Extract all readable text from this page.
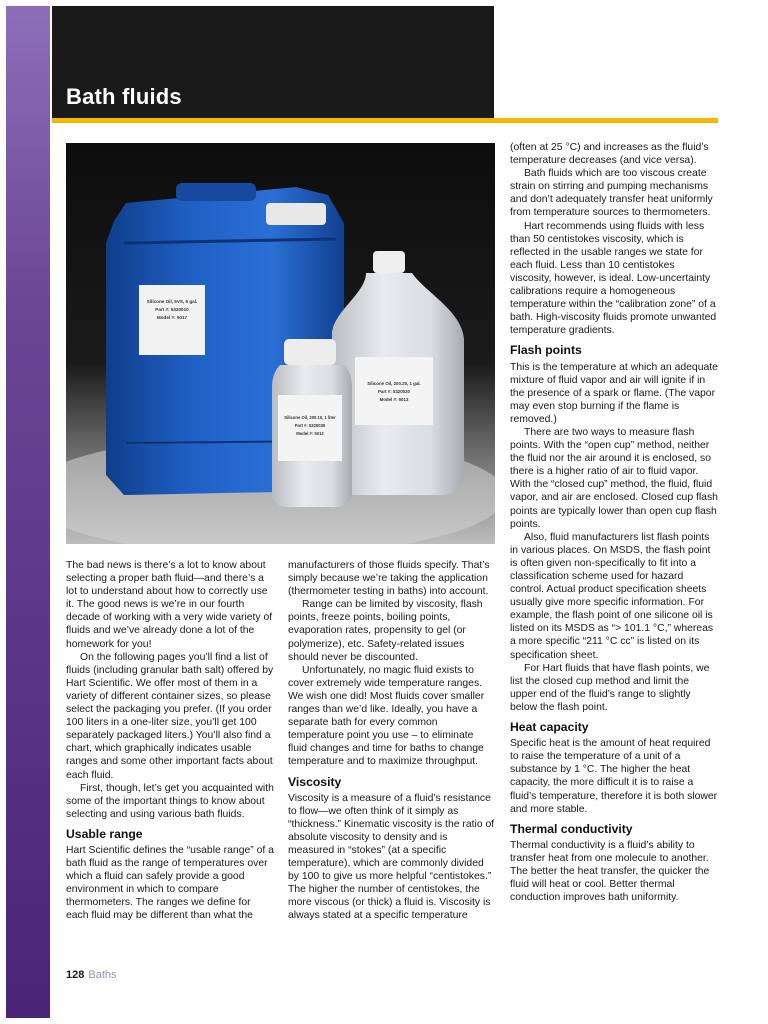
Bath fluids
Silicone Oil, 5VS, 5 gal.
Part #: 5320010
Model #: 5017
Silicone Oil, 200.20, 1 gal.
Part #: 5320020
Model #: 5013
Silicone Oil, 200.10, 1 liter
Part #: 5320030
Model #: 5012

The bad news is there’s a lot to know about selecting a proper bath fluid—and there’s a lot to understand about how to correctly use it. The good news is we’re in our fourth decade of working with a very wide variety of fluids and we’ve already done a lot of the homework for you!

On the following pages you’ll find a list of fluids (including granular bath salt) offered by Hart Scientific. We offer most of them in a variety of different container sizes, so please select the packaging you prefer. (If you order 100 liters in a one-liter size, you’ll get 100 separately packaged liters.) You’ll also find a chart, which graphically indicates usable ranges and some other important facts about each fluid.

First, though, let’s get you acquainted with some of the important things to know about selecting and using various bath fluids.

Usable range

Hart Scientific defines the “usable range” of a bath fluid as the range of temperatures over which a fluid can safely provide a good environment in which to compare thermometers. The ranges we define for each fluid may be different than what the

manufacturers of those fluids specify. That’s simply because we’re taking the application (thermometer testing in baths) into account.

Range can be limited by viscosity, flash points, freeze points, boiling points, evaporation rates, propensity to gel (or polymerize), etc. Safety-related issues should never be discounted.

Unfortunately, no magic fluid exists to cover extremely wide temperature ranges. We wish one did! Most fluids cover smaller ranges than we’d like. Ideally, you have a separate bath for every common temperature point you use – to eliminate fluid changes and time for baths to change temperature and to maximize throughput.

Viscosity

Viscosity is a measure of a fluid’s resistance to flow—we often think of it simply as “thickness.” Kinematic viscosity is the ratio of absolute viscosity to density and is measured in “stokes” (at a specific temperature), which are commonly divided by 100 to give us more helpful “centistokes.” The higher the number of centistokes, the more viscous (or thick) a fluid is. Viscosity is always stated at a specific temperature

(often at 25 °C) and increases as the fluid’s temperature decreases (and vice versa).

Bath fluids which are too viscous create strain on stirring and pumping mechanisms and don’t adequately transfer heat uniformly from temperature sources to thermometers.

Hart recommends using fluids with less than 50 centistokes viscosity, which is reflected in the usable ranges we state for each fluid. Less than 10 centistokes viscosity, however, is ideal. Low-uncertainty calibrations require a homogeneous temperature within the “calibration zone” of a bath. High-viscosity fluids promote unwanted temperature gradients.

Flash points

This is the temperature at which an adequate mixture of fluid vapor and air will ignite if in the presence of a spark or flame. (The vapor may even stop burning if the flame is removed.)

There are two ways to measure flash points. With the “open cup” method, neither the fluid nor the air around it is enclosed, so there is a higher ratio of air to fluid vapor. With the “closed cup” method, the fluid, fluid vapor, and air are enclosed. Closed cup flash points are typically lower than open cup flash points.

Also, fluid manufacturers list flash points in various places. On MSDS, the flash point is often given non-specifically to fit into a classification scheme used for hazard control. Actual product specification sheets usually give more specific information. For example, the flash point of one silicone oil is listed on its MSDS as “> 101.1 °C,” whereas a more specific “211 °C cc” is listed on its specification sheet.

For Hart fluids that have flash points, we list the closed cup method and limit the upper end of the fluid’s range to slightly below the flash point.

Heat capacity

Specific heat is the amount of heat required to raise the temperature of a unit of a substance by 1 °C. The higher the heat capacity, the more difficult it is to raise a fluid’s temperature, therefore it is both slower and more stable.

Thermal conductivity

Thermal conductivity is a fluid’s ability to transfer heat from one molecule to another. The better the heat transfer, the quicker the fluid will heat or cool. Better thermal conduction improves bath uniformity.

128 Baths
